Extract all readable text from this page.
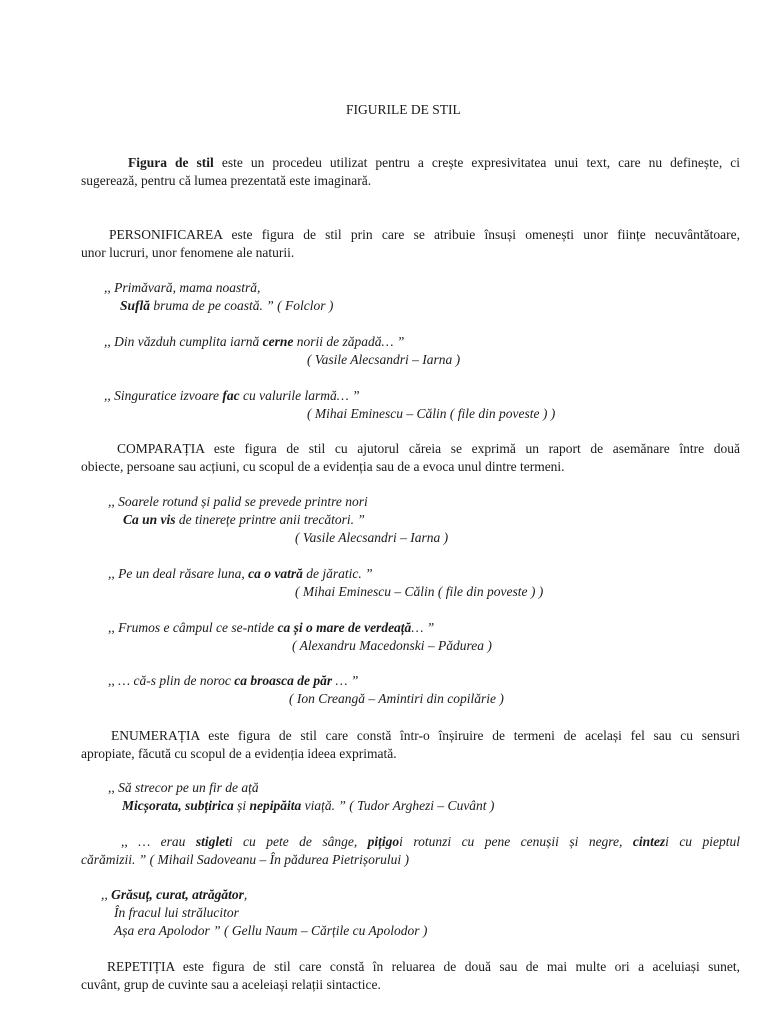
FIGURILE DE STIL

Figura de stil este un procedeu utilizat pentru a crește expresivitatea unui text, care nu definește, ci

sugerează, pentru că lumea prezentată este imaginară.

PERSONIFICAREA este figura de stil prin care se atribuie însuși omenești unor ființe necuvântătoare,

unor lucruri, unor fenomene ale naturii.

,, Primăvară, mama noastră,

Suflă bruma de pe coastă. ” ( Folclor )

,, Din văzduh cumplita iarnă cerne norii de zăpadă… ”

( Vasile Alecsandri – Iarna )

,, Singuratice izvoare fac cu valurile larmă… ”

( Mihai Eminescu – Călin ( file din poveste ) )

COMPARAȚIA este figura de stil cu ajutorul căreia se exprimă un raport de asemănare între două

obiecte, persoane sau acțiuni, cu scopul de a evidenția sau de a evoca unul dintre termeni.

,, Soarele rotund și palid se prevede printre nori

Ca un vis de tinerețe printre anii trecători. ”

( Vasile Alecsandri – Iarna )

,, Pe un deal răsare luna, ca o vatră de jăratic. ”

( Mihai Eminescu – Călin ( file din poveste ) )

,, Frumos e câmpul ce se-ntide ca și o mare de verdeață… ”

( Alexandru Macedonski – Pădurea )

,, … că-s plin de noroc ca broasca de păr … ”

( Ion Creangă – Amintiri din copilărie )

ENUMERAȚIA este figura de stil care constă într-o înșiruire de termeni de același fel sau cu sensuri

apropiate, făcută cu scopul de a evidenția ideea exprimată.

,, Să strecor pe un fir de ață

Micșorata, subțirica și nepipăita viață. ” ( Tudor Arghezi – Cuvânt )

,, … erau stigleti cu pete de sânge, pițigoi rotunzi cu pene cenușii și negre, cintezi cu pieptul

cărămizii. ” ( Mihail Sadoveanu – În pădurea Pietrișorului )

,, Grăsuț, curat, atrăgător,

În fracul lui strălucitor

Așa era Apolodor ” ( Gellu Naum – Cărțile cu Apolodor )

REPETIȚIA este figura de stil care constă în reluarea de două sau de mai multe ori a aceluiași sunet,

cuvânt, grup de cuvinte sau a aceleiași relații sintactice.
